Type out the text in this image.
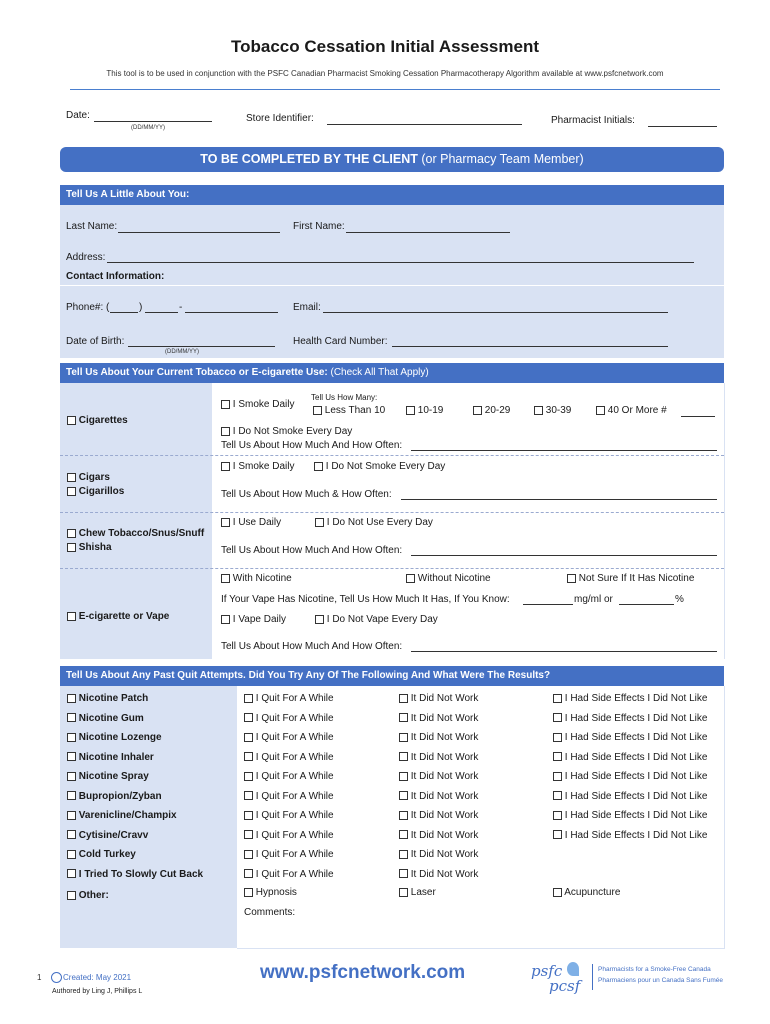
Tobacco Cessation Initial Assessment
This tool is to be used in conjunction with the PSFC Canadian Pharmacist Smoking Cessation Pharmacotherapy Algorithm available at www.psfcnetwork.com
Date:
(DD/MM/YY)
Store Identifier:	Pharmacist Initials:
TO BE COMPLETED BY THE CLIENT (or Pharmacy Team Member)
Tell Us A Little About You:
Last Name:	First Name:
Address:
Contact Information:
Phone#: (	)	-	Email:
Date of Birth:
(DD/MM/YY)
Health Card Number:
Tell Us About Your Current Tobacco or E-cigarette Use: (Check All That Apply)
Cigarettes
I Smoke Daily
Tell Us How Many:
Less Than 10	10-19	20-29	30-39	40 Or More #
I Do Not Smoke Every Day
Tell Us About How Much And How Often:
Cigars
Cigarillos
I Smoke Daily	I Do Not Smoke Every Day
Tell Us About How Much & How Often:
Chew Tobacco/Snus/Snuff
Shisha
I Use Daily	I Do Not Use Every Day
Tell Us About How Much And How Often:
E-cigarette or Vape
With Nicotine	Without Nicotine	Not Sure If It Has Nicotine
If Your Vape Has Nicotine, Tell Us How Much It Has, If You Know:	mg/ml or	%
I Vape Daily	I Do Not Vape Every Day
Tell Us About How Much And How Often:
Tell Us About Any Past Quit Attempts. Did You Try Any Of The Following And What Were The Results?
Nicotine Patch	I Quit For A While	It Did Not Work	I Had Side Effects I Did Not Like
Nicotine Gum	I Quit For A While	It Did Not Work	I Had Side Effects I Did Not Like
Nicotine Lozenge	I Quit For A While	It Did Not Work	I Had Side Effects I Did Not Like
Nicotine Inhaler	I Quit For A While	It Did Not Work	I Had Side Effects I Did Not Like
Nicotine Spray	I Quit For A While	It Did Not Work	I Had Side Effects I Did Not Like
Bupropion/Zyban	I Quit For A While	It Did Not Work	I Had Side Effects I Did Not Like
Varenicline/Champix	I Quit For A While	It Did Not Work	I Had Side Effects I Did Not Like
Cytisine/Cravv	I Quit For A While	It Did Not Work	I Had Side Effects I Did Not Like
Cold Turkey	I Quit For A While	It Did Not Work
I Tried To Slowly Cut Back	I Quit For A While	It Did Not Work
Other:	Hypnosis	Laser	Acupuncture
Comments:
1	Created: May 2021
Authored by Ling J, Phillips L
www.psfcnetwork.com	psfc
pcsf
Pharmacists for a Smoke-Free Canada
Pharmaciens pour un Canada Sans Fumée
